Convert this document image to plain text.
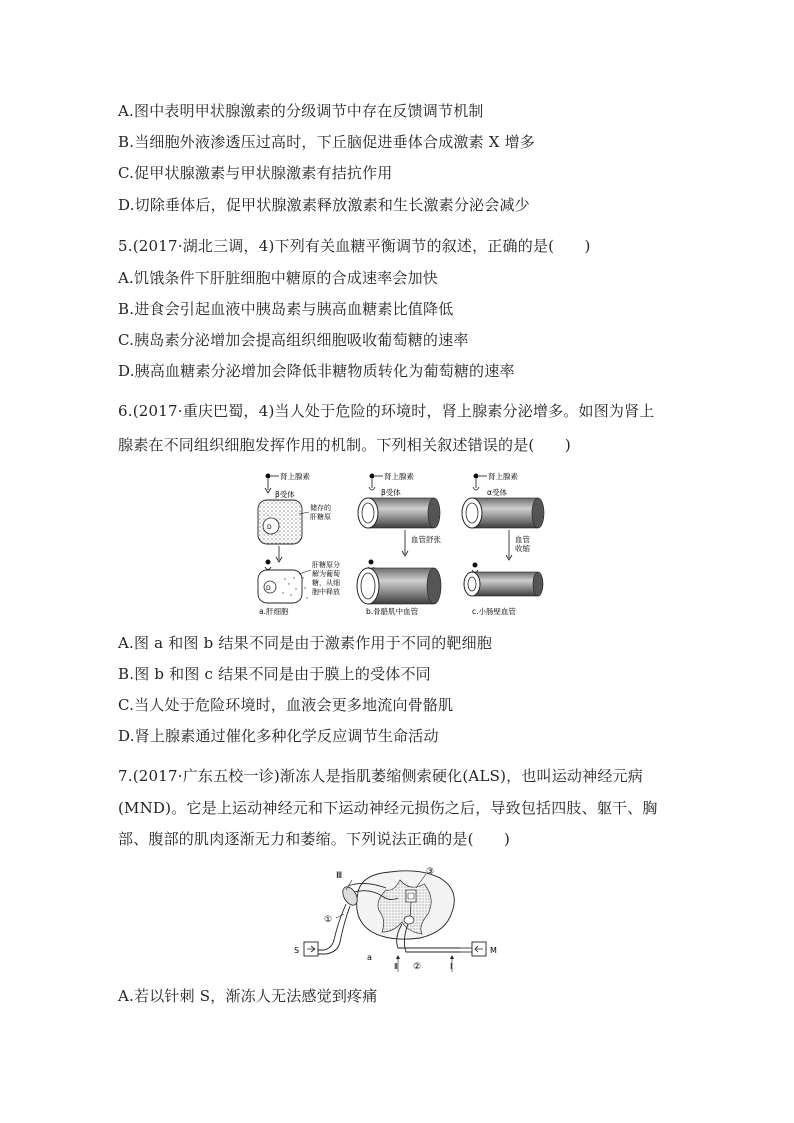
A.图中表明甲状腺激素的分级调节中存在反馈调节机制
B.当细胞外液渗透压过高时，下丘脑促进垂体合成激素 X 增多
C.促甲状腺激素与甲状腺激素有拮抗作用
D.切除垂体后，促甲状腺激素释放激素和生长激素分泌会减少
5.(2017·湖北三调，4)下列有关血糖平衡调节的叙述，正确的是(　　)
A.饥饿条件下肝脏细胞中糖原的合成速率会加快
B.进食会引起血液中胰岛素与胰高血糖素比值降低
C.胰岛素分泌增加会提高组织细胞吸收葡萄糖的速率
D.胰高血糖素分泌增加会降低非糖物质转化为葡萄糖的速率
6.(2017·重庆巴蜀，4)当人处于危险的环境时，肾上腺素分泌增多。如图为肾上
腺素在不同组织细胞发挥作用的机制。下列相关叙述错误的是(　　)
肾上腺素
β受体
D
储存的
肝糖原
D
肝糖原分
解为葡萄
糖，从细
胞中释放
a.肝细胞
肾上腺素
β受体
血管舒张
b.骨骼肌中血管
肾上腺素
α受体
血管
收缩
c.小肠壁血管
A.图 a 和图 b 结果不同是由于激素作用于不同的靶细胞
B.图 b 和图 c 结果不同是由于膜上的受体不同
C.当人处于危险环境时，血液会更多地流向骨骼肌
D.肾上腺素通过催化多种化学反应调节生命活动
7.(2017·广东五校一诊)渐冻人是指肌萎缩侧索硬化(ALS)，也叫运动神经元病
(MND)。它是上运动神经元和下运动神经元损伤之后，导致包括四肢、躯干、胸
部、腹部的肌肉逐渐无力和萎缩。下列说法正确的是(　　)
Ⅲ	③
①
S	M
a
Ⅱ ②	Ⅰ
A.若以针刺 S，渐冻人无法感觉到疼痛
